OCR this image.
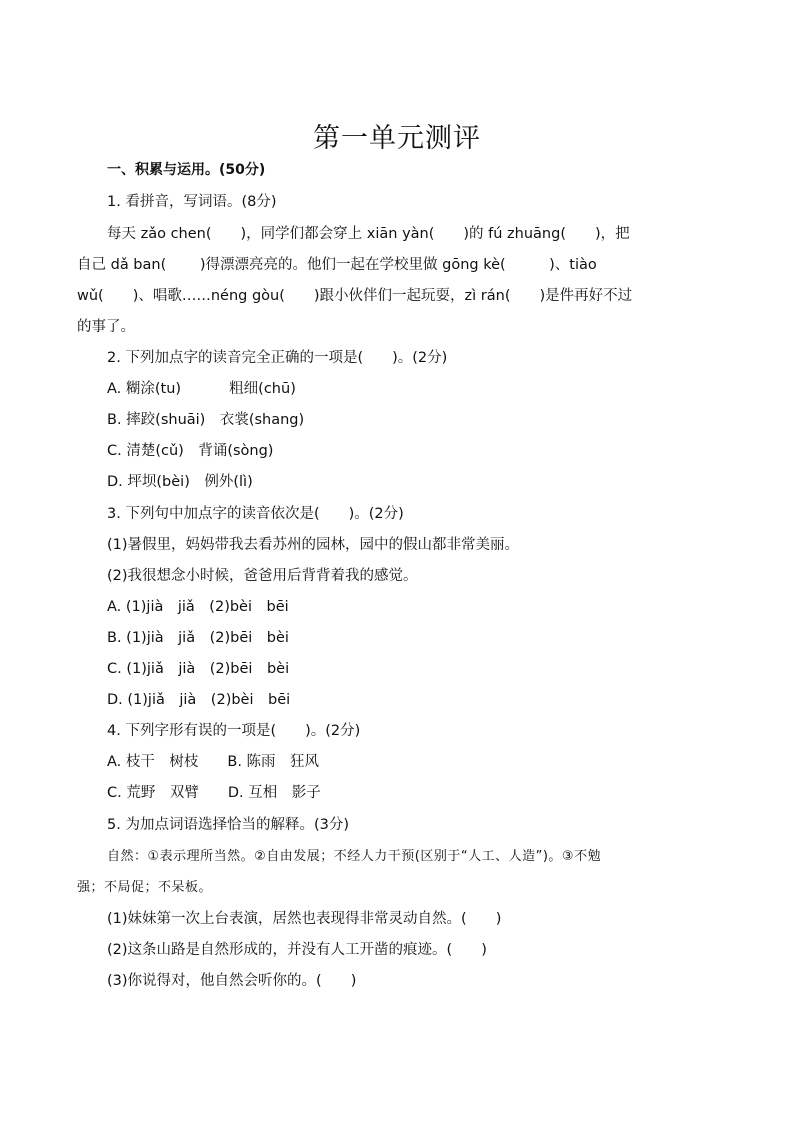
第一单元测评
一、积累与运用。(50分)
1. 看拼音，写词语。(8分)
每天 zǎo chen(　　)，同学们都会穿上 xiān yàn(　　)的 fú zhuāng(　　)，把
自己 dǎ ban(　　 )得漂漂亮亮的。他们一起在学校里做 gōng kè(　　　)、tiào
wǔ(　　)、唱歌……néng gòu(　　)跟小伙伴们一起玩耍，zì rán(　　)是件再好不过
的事了。
2. 下列加点字的读音完全正确的一项是(　　)。(2分)
A. 糊涂(tu)　　　 粗细(chū)
B. 摔跤(shuāi)　衣裳(shang)
C. 清楚(cǔ)　背诵(sòng)
D. 坪坝(bèi)　例外(lì)
3. 下列句中加点字的读音依次是(　　)。(2分)
(1)暑假里，妈妈带我去看苏州的园林，园中的假山都非常美丽。
(2)我很想念小时候，爸爸用后背背着我的感觉。
A. (1)jià　jiǎ　(2)bèi　bēi
B. (1)jià　jiǎ　(2)bēi　bèi
C. (1)jiǎ　jià　(2)bēi　bèi
D. (1)jiǎ　jià　(2)bèi　bēi
4. 下列字形有误的一项是(　　)。(2分)
A. 枝干　树枝　　B. 陈雨　狂风
C. 荒野　双臂　　D. 互相　影子
5. 为加点词语选择恰当的解释。(3分)
自然：①表示理所当然。②自由发展；不经人力干预(区别于“人工、人造”)。③不勉
强；不局促；不呆板。
(1)妹妹第一次上台表演，居然也表现得非常灵动自然。(　　)
(2)这条山路是自然形成的，并没有人工开凿的痕迹。(　　)
(3)你说得对，他自然会听你的。(　　)
